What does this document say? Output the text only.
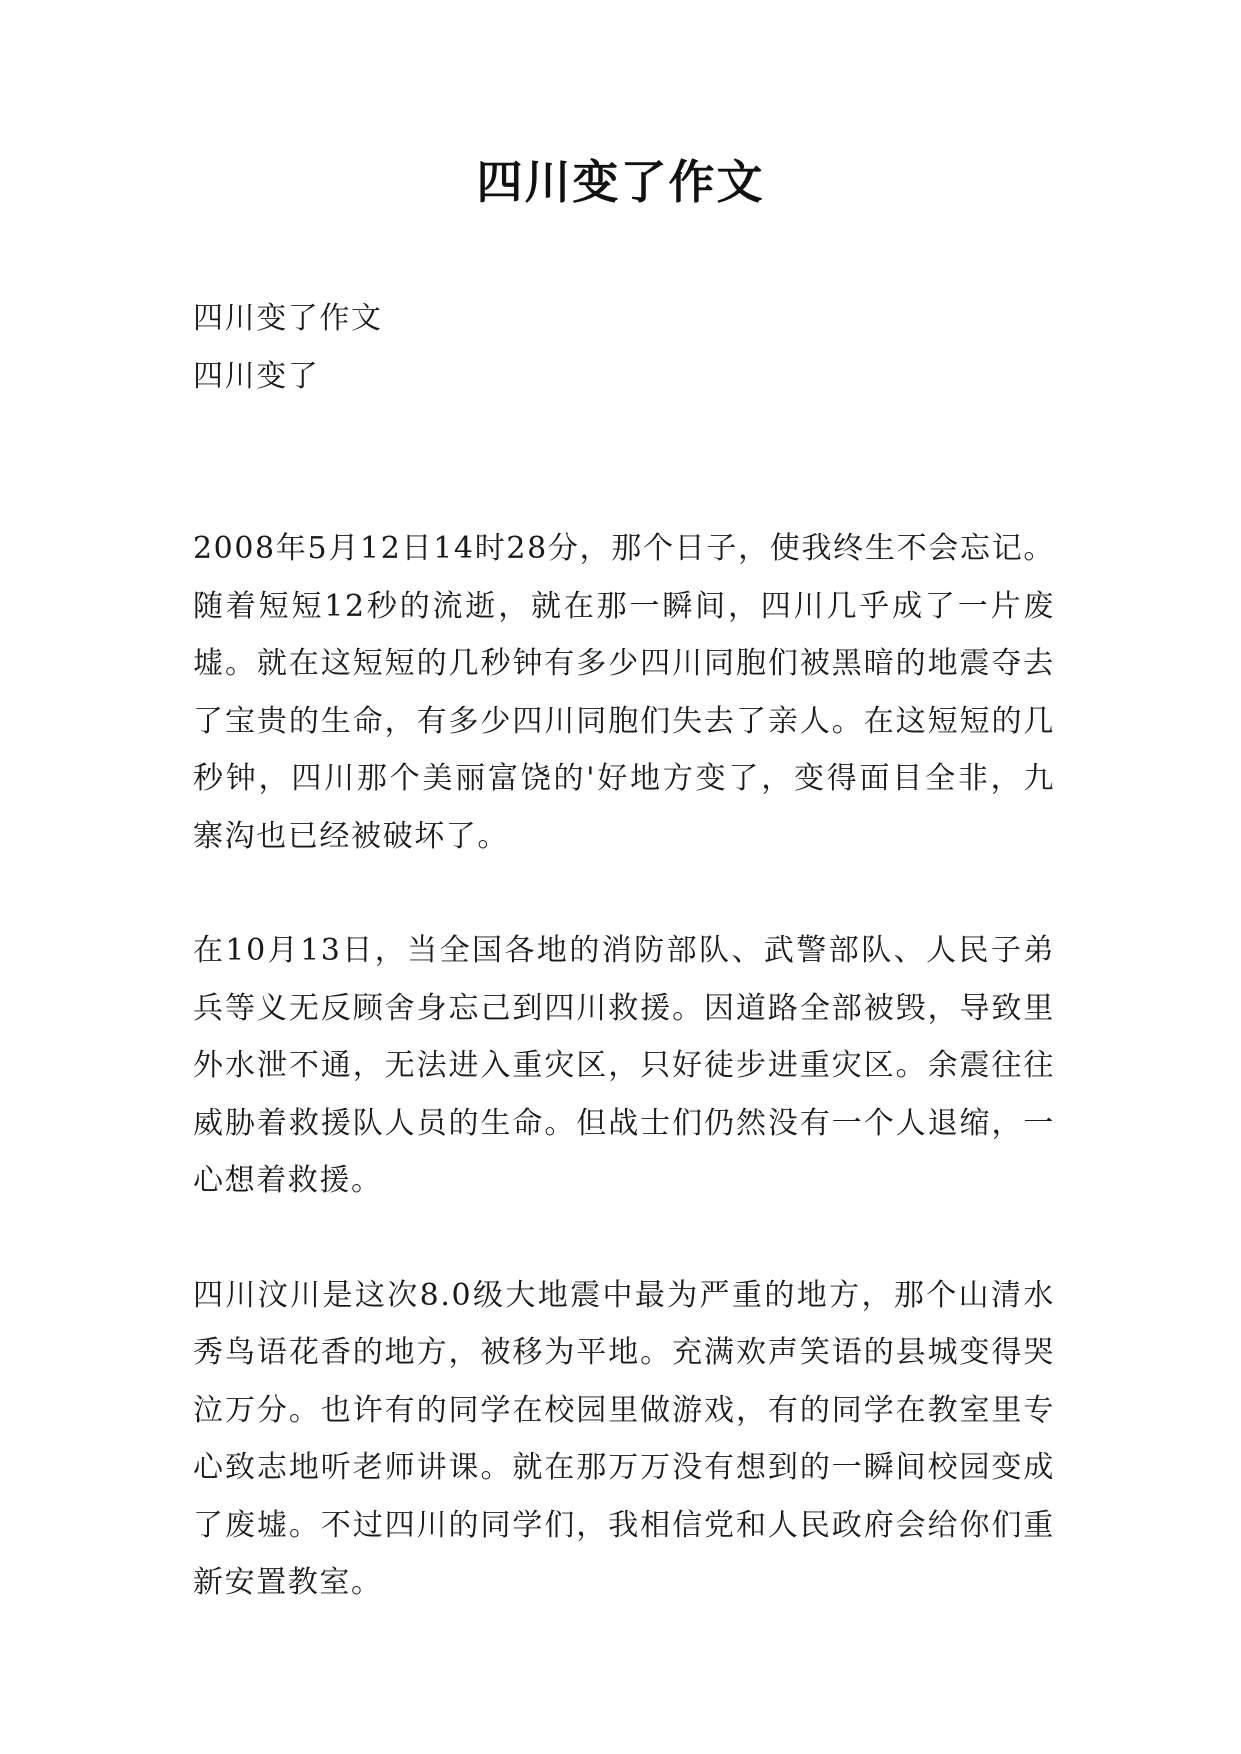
四川变了作文

四川变了作文

四川变了

2008年5月12日14时28分，那个日子，使我终生不会忘记。随着短短12秒的流逝，就在那一瞬间，四川几乎成了一片废墟。就在这短短的几秒钟有多少四川同胞们被黑暗的地震夺去了宝贵的生命，有多少四川同胞们失去了亲人。在这短短的几秒钟，四川那个美丽富饶的'好地方变了，变得面目全非，九寨沟也已经被破坏了。

在10月13日，当全国各地的消防部队、武警部队、人民子弟兵等义无反顾舍身忘己到四川救援。因道路全部被毁，导致里外水泄不通，无法进入重灾区，只好徒步进重灾区。余震往往威胁着救援队人员的生命。但战士们仍然没有一个人退缩，一心想着救援。

四川汶川是这次8.0级大地震中最为严重的地方，那个山清水秀鸟语花香的地方，被移为平地。充满欢声笑语的县城变得哭泣万分。也许有的同学在校园里做游戏，有的同学在教室里专心致志地听老师讲课。就在那万万没有想到的一瞬间校园变成了废墟。不过四川的同学们，我相信党和人民政府会给你们重新安置教室。
